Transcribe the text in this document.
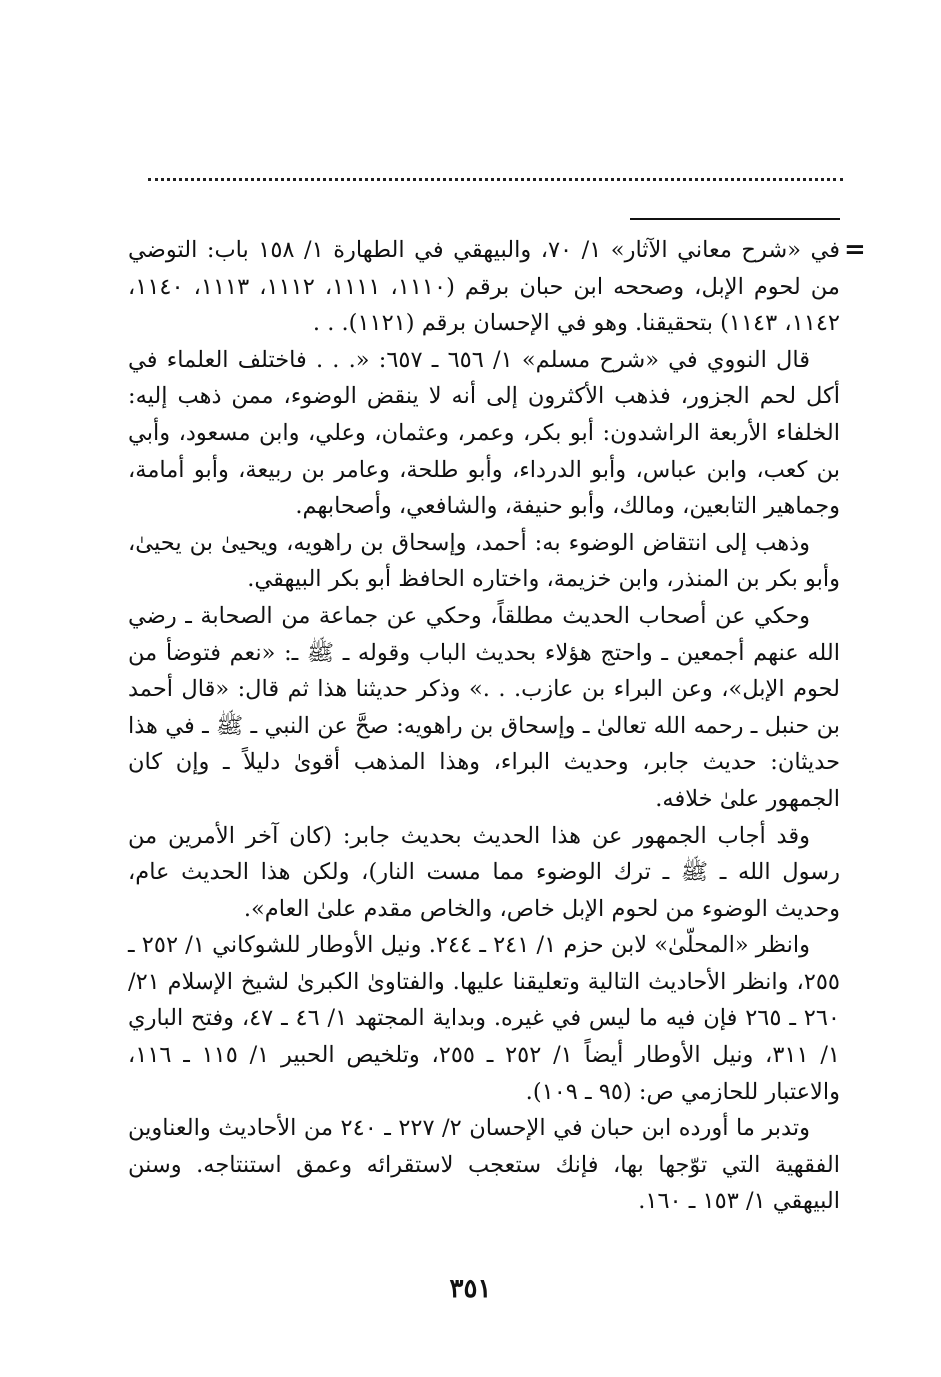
=

في «شرح معاني الآثار» ١/ ٧٠، والبيهقي في الطهارة ١/ ١٥٨ باب: التوضي من لحوم الإبل، وصححه ابن حبان برقم (١١١٠، ١١١١، ١١١٢، ١١١٣، ١١٤٠، ١١٤٢، ١١٤٣) بتحقيقنا. وهو في الإحسان برقم (١١٢١). . .

قال النووي في «شرح مسلم» ١/ ٦٥٦ ـ ٦٥٧: «. . . فاختلف العلماء في أكل لحم الجزور، فذهب الأكثرون إلى أنه لا ينقض الوضوء، ممن ذهب إليه: الخلفاء الأربعة الراشدون: أبو بكر، وعمر، وعثمان، وعلي، وابن مسعود، وأبي بن كعب، وابن عباس، وأبو الدرداء، وأبو طلحة، وعامر بن ربيعة، وأبو أمامة، وجماهير التابعين، ومالك، وأبو حنيفة، والشافعي، وأصحابهم.

وذهب إلى انتقاض الوضوء به: أحمد، وإسحاق بن راهويه، ويحيىٰ بن يحيىٰ، وأبو بكر بن المنذر، وابن خزيمة، واختاره الحافظ أبو بكر البيهقي.

وحكي عن أصحاب الحديث مطلقاً، وحكي عن جماعة من الصحابة ـ رضي الله عنهم أجمعين ـ واحتج هؤلاء بحديث الباب وقوله ـ ﷺ ـ: «نعم فتوضأ من لحوم الإبل»، وعن البراء بن عازب. . .» وذكر حديثنا هذا ثم قال: «قال أحمد بن حنبل ـ رحمه الله تعالىٰ ـ وإسحاق بن راهويه: صحَّ عن النبي ـ ﷺ ـ في هذا حديثان: حديث جابر، وحديث البراء، وهذا المذهب أقوىٰ دليلاً ـ وإن كان الجمهور علىٰ خلافه.

وقد أجاب الجمهور عن هذا الحديث بحديث جابر: (كان آخر الأمرين من رسول الله ـ ﷺ ـ ترك الوضوء مما مست النار)، ولكن هذا الحديث عام، وحديث الوضوء من لحوم الإبل خاص، والخاص مقدم علىٰ العام».

وانظر «المحلّىٰ» لابن حزم ١/ ٢٤١ ـ ٢٤٤. ونيل الأوطار للشوكاني ١/ ٢٥٢ ـ ٢٥٥، وانظر الأحاديث التالية وتعليقنا عليها. والفتاوىٰ الكبرىٰ لشيخ الإسلام ٢١/ ٢٦٠ ـ ٢٦٥ فإن فيه ما ليس في غيره. وبداية المجتهد ١/ ٤٦ ـ ٤٧، وفتح الباري ١/ ٣١١، ونيل الأوطار أيضاً ١/ ٢٥٢ ـ ٢٥٥، وتلخيص الحبير ١/ ١١٥ ـ ١١٦، والاعتبار للحازمي ص: (٩٥ ـ ١٠٩).

وتدبر ما أورده ابن حبان في الإحسان ٢/ ٢٢٧ ـ ٢٤٠ من الأحاديث والعناوين الفقهية التي توّجها بها، فإنك ستعجب لاستقرائه وعمق استنتاجه. وسنن البيهقي ١/ ١٥٣ ـ ١٦٠.

٣٥١
